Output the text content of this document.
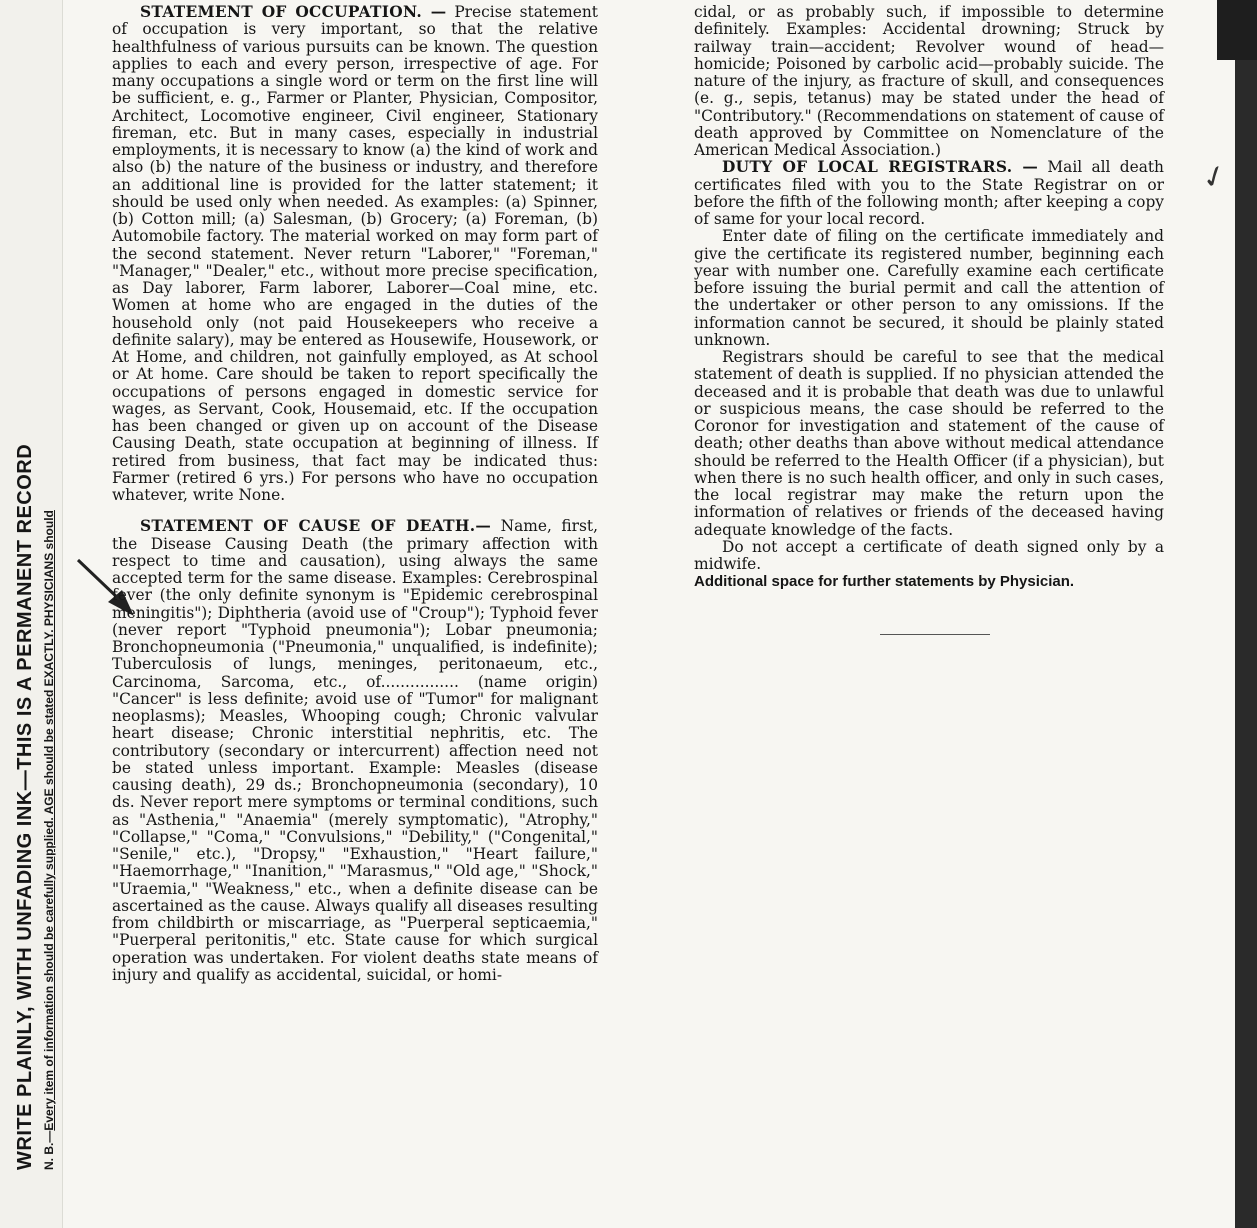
WRITE PLAINLY, WITH UNFADING INK—THIS IS A PERMANENT RECORD N. B.—Every item of information should be carefully supplied. AGE should be stated EXACTLY. PHYSICIANS should

STATEMENT OF OCCUPATION. — Precise statement of occupation is very important, so that the relative healthfulness of various pursuits can be known. The question applies to each and every person, irrespective of age. For many occupations a single word or term on the first line will be sufficient, e. g., Farmer or Planter, Physician, Compositor, Architect, Locomotive engineer, Civil engineer, Stationary fireman, etc. But in many cases, especially in industrial employments, it is necessary to know (a) the kind of work and also (b) the nature of the business or industry, and therefore an additional line is provided for the latter statement; it should be used only when needed. As examples: (a) Spinner, (b) Cotton mill; (a) Salesman, (b) Grocery; (a) Foreman, (b) Automobile factory. The material worked on may form part of the second statement. Never return "Laborer," "Foreman," "Manager," "Dealer," etc., without more precise specification, as Day laborer, Farm laborer, Laborer—Coal mine, etc. Women at home who are engaged in the duties of the household only (not paid Housekeepers who receive a definite salary), may be entered as Housewife, Housework, or At Home, and children, not gainfully employed, as At school or At home. Care should be taken to report specifically the occupations of persons engaged in domestic service for wages, as Servant, Cook, Housemaid, etc. If the occupation has been changed or given up on account of the Disease Causing Death, state occupation at beginning of illness. If retired from business, that fact may be indicated thus: Farmer (retired 6 yrs.) For persons who have no occupation whatever, write None.

STATEMENT OF CAUSE OF DEATH.— Name, first, the Disease Causing Death (the primary affection with respect to time and causation), using always the same accepted term for the same disease. Examples: Cerebrospinal fever (the only definite synonym is "Epidemic cerebrospinal meningitis"); Diphtheria (avoid use of "Croup"); Typhoid fever (never report "Typhoid pneumonia"); Lobar pneumonia; Bronchopneumonia ("Pneumonia," unqualified, is indefinite); Tuberculosis of lungs, meninges, peritonaeum, etc., Carcinoma, Sarcoma, etc., of................ (name origin) "Cancer" is less definite; avoid use of "Tumor" for malignant neoplasms); Measles, Whooping cough; Chronic valvular heart disease; Chronic interstitial nephritis, etc. The contributory (secondary or intercurrent) affection need not be stated unless important. Example: Measles (disease causing death), 29 ds.; Bronchopneumonia (secondary), 10 ds. Never report mere symptoms or terminal conditions, such as "Asthenia," "Anaemia" (merely symptomatic), "Atrophy," "Collapse," "Coma," "Convulsions," "Debility," ("Congenital," "Senile," etc.), "Dropsy," "Exhaustion," "Heart failure," "Haemorrhage," "Inanition," "Marasmus," "Old age," "Shock," "Uraemia," "Weakness," etc., when a definite disease can be ascertained as the cause. Always qualify all diseases resulting from childbirth or miscarriage, as "Puerperal septicaemia," "Puerperal peritonitis," etc. State cause for which surgical operation was undertaken. For violent deaths state means of injury and qualify as accidental, suicidal, or homi-

cidal, or as probably such, if impossible to determine definitely. Examples: Accidental drowning; Struck by railway train—accident; Revolver wound of head—homicide; Poisoned by carbolic acid—probably suicide. The nature of the injury, as fracture of skull, and consequences (e. g., sepis, tetanus) may be stated under the head of "Contributory." (Recommendations on statement of cause of death approved by Committee on Nomenclature of the American Medical Association.)

DUTY OF LOCAL REGISTRARS. — Mail all death certificates filed with you to the State Registrar on or before the fifth of the following month; after keeping a copy of same for your local record.

Enter date of filing on the certificate immediately and give the certificate its registered number, beginning each year with number one. Carefully examine each certificate before issuing the burial permit and call the attention of the undertaker or other person to any omissions. If the information cannot be secured, it should be plainly stated unknown.

Registrars should be careful to see that the medical statement of death is supplied. If no physician attended the deceased and it is probable that death was due to unlawful or suspicious means, the case should be referred to the Coronor for investigation and statement of the cause of death; other deaths than above without medical attendance should be referred to the Health Officer (if a physician), but when there is no such health officer, and only in such cases, the local registrar may make the return upon the information of relatives or friends of the deceased having adequate knowledge of the facts.

Do not accept a certificate of death signed only by a midwife.

Additional space for further statements by Physician.

✓
